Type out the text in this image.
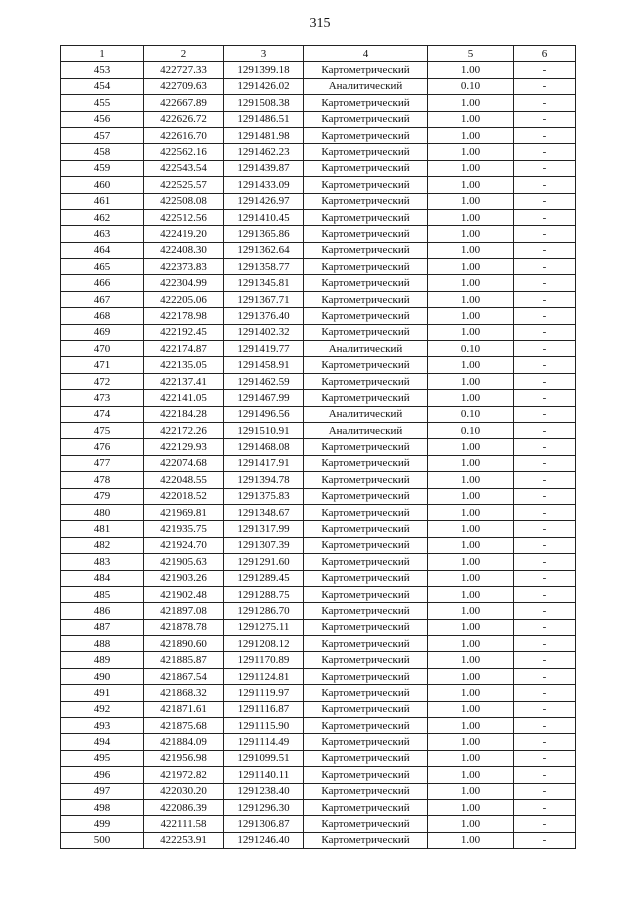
315
1	2	3	4	5	6
453	422727.33	1291399.18	Картометрический	1.00	-
454	422709.63	1291426.02	Аналитический	0.10	-
455	422667.89	1291508.38	Картометрический	1.00	-
456	422626.72	1291486.51	Картометрический	1.00	-
457	422616.70	1291481.98	Картометрический	1.00	-
458	422562.16	1291462.23	Картометрический	1.00	-
459	422543.54	1291439.87	Картометрический	1.00	-
460	422525.57	1291433.09	Картометрический	1.00	-
461	422508.08	1291426.97	Картометрический	1.00	-
462	422512.56	1291410.45	Картометрический	1.00	-
463	422419.20	1291365.86	Картометрический	1.00	-
464	422408.30	1291362.64	Картометрический	1.00	-
465	422373.83	1291358.77	Картометрический	1.00	-
466	422304.99	1291345.81	Картометрический	1.00	-
467	422205.06	1291367.71	Картометрический	1.00	-
468	422178.98	1291376.40	Картометрический	1.00	-
469	422192.45	1291402.32	Картометрический	1.00	-
470	422174.87	1291419.77	Аналитический	0.10	-
471	422135.05	1291458.91	Картометрический	1.00	-
472	422137.41	1291462.59	Картометрический	1.00	-
473	422141.05	1291467.99	Картометрический	1.00	-
474	422184.28	1291496.56	Аналитический	0.10	-
475	422172.26	1291510.91	Аналитический	0.10	-
476	422129.93	1291468.08	Картометрический	1.00	-
477	422074.68	1291417.91	Картометрический	1.00	-
478	422048.55	1291394.78	Картометрический	1.00	-
479	422018.52	1291375.83	Картометрический	1.00	-
480	421969.81	1291348.67	Картометрический	1.00	-
481	421935.75	1291317.99	Картометрический	1.00	-
482	421924.70	1291307.39	Картометрический	1.00	-
483	421905.63	1291291.60	Картометрический	1.00	-
484	421903.26	1291289.45	Картометрический	1.00	-
485	421902.48	1291288.75	Картометрический	1.00	-
486	421897.08	1291286.70	Картометрический	1.00	-
487	421878.78	1291275.11	Картометрический	1.00	-
488	421890.60	1291208.12	Картометрический	1.00	-
489	421885.87	1291170.89	Картометрический	1.00	-
490	421867.54	1291124.81	Картометрический	1.00	-
491	421868.32	1291119.97	Картометрический	1.00	-
492	421871.61	1291116.87	Картометрический	1.00	-
493	421875.68	1291115.90	Картометрический	1.00	-
494	421884.09	1291114.49	Картометрический	1.00	-
495	421956.98	1291099.51	Картометрический	1.00	-
496	421972.82	1291140.11	Картометрический	1.00	-
497	422030.20	1291238.40	Картометрический	1.00	-
498	422086.39	1291296.30	Картометрический	1.00	-
499	422111.58	1291306.87	Картометрический	1.00	-
500	422253.91	1291246.40	Картометрический	1.00	-
